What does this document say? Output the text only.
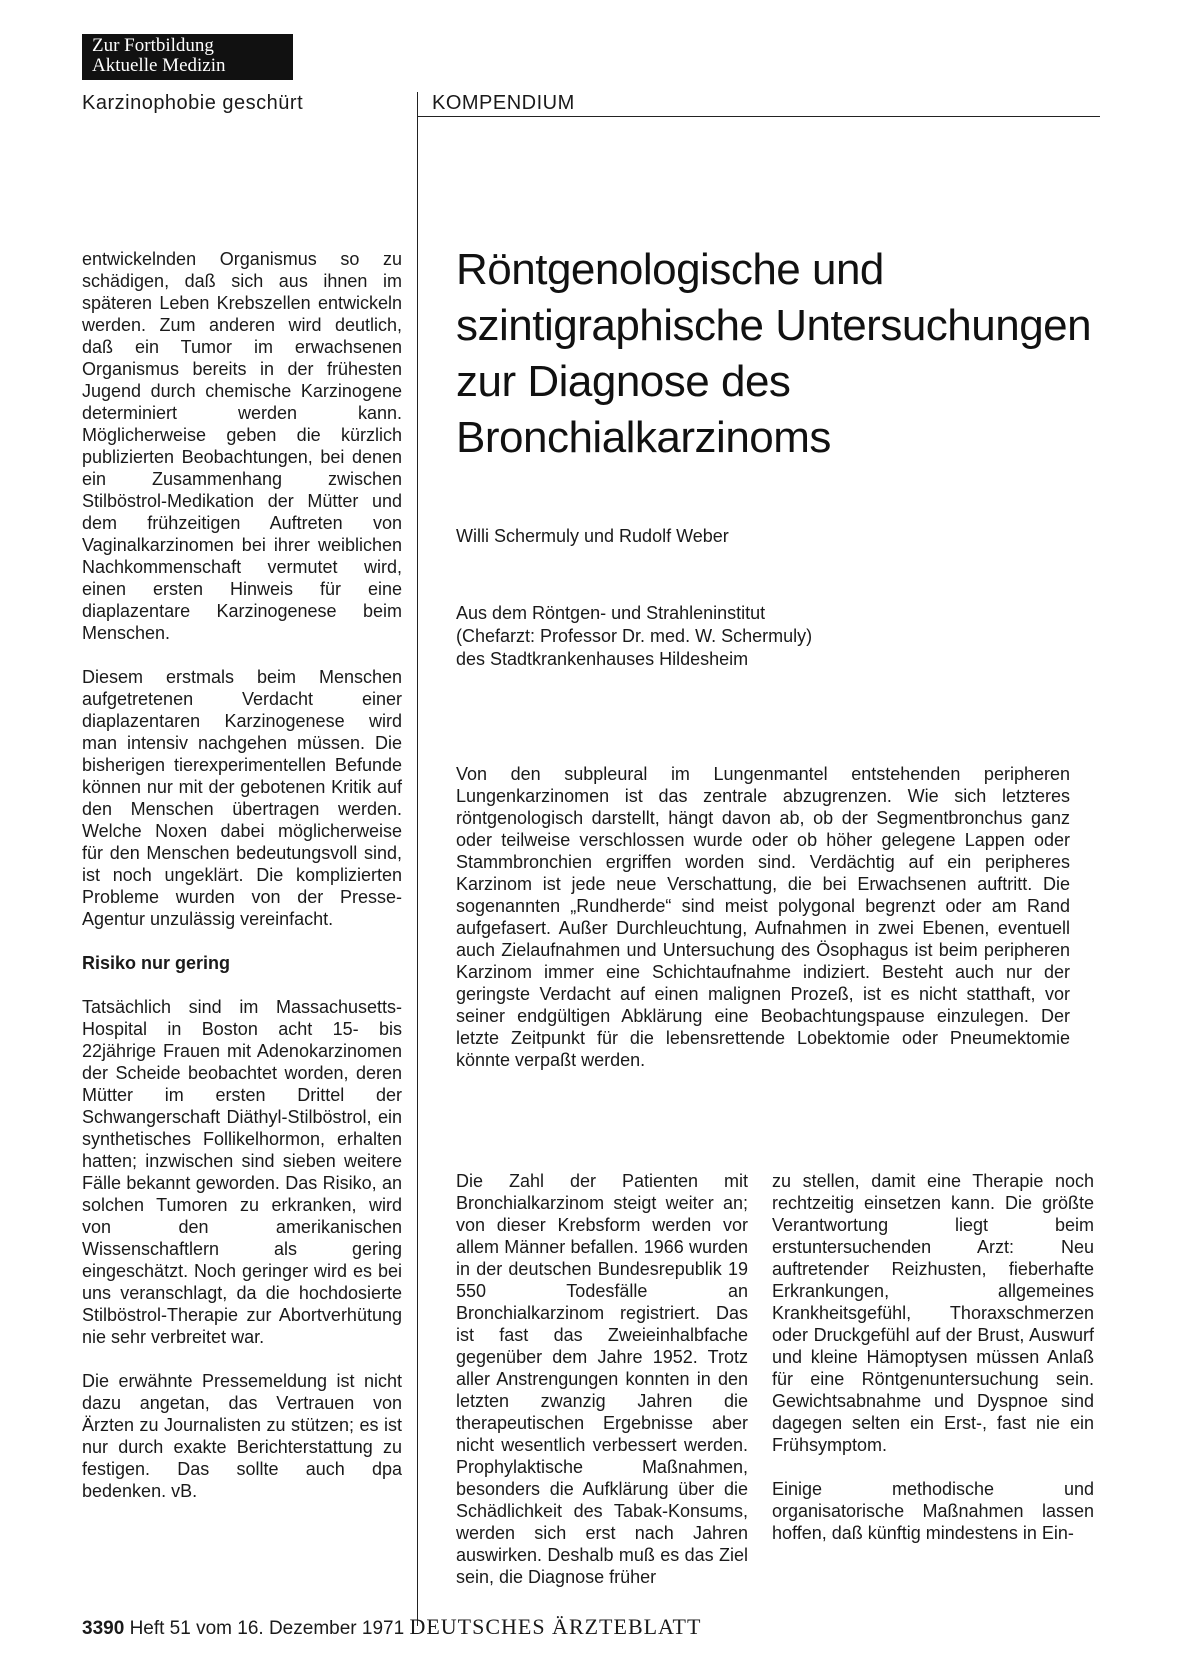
Zur Fortbildung
Aktuelle Medizin
Karzinophobie geschürt	KOMPENDIUM
Röntgenologische und szintigraphische Untersuchungen zur Diagnose des Bronchialkarzinoms
Willi Schermuly und Rudolf Weber
Aus dem Röntgen- und Strahleninstitut
(Chefarzt: Professor Dr. med. W. Schermuly)
des Stadtkrankenhauses Hildesheim

entwickelnden Organismus so zu schädigen, daß sich aus ihnen im späteren Leben Krebszellen entwickeln werden. Zum anderen wird deutlich, daß ein Tumor im erwachsenen Organismus bereits in der frühesten Jugend durch chemische Karzinogene determiniert werden kann. Möglicherweise geben die kürzlich publizierten Beobachtungen, bei denen ein Zusammenhang zwischen Stilböstrol-Medikation der Mütter und dem frühzeitigen Auftreten von Vaginalkarzinomen bei ihrer weiblichen Nachkommenschaft vermutet wird, einen ersten Hinweis für eine diaplazentare Karzinogenese beim Menschen.

Diesem erstmals beim Menschen aufgetretenen Verdacht einer diaplazentaren Karzinogenese wird man intensiv nachgehen müssen. Die bisherigen tierexperimentellen Befunde können nur mit der gebotenen Kritik auf den Menschen übertragen werden. Welche Noxen dabei möglicherweise für den Menschen bedeutungsvoll sind, ist noch ungeklärt. Die komplizierten Probleme wurden von der Presse-Agentur unzulässig vereinfacht.

Risiko nur gering

Tatsächlich sind im Massachusetts-Hospital in Boston acht 15- bis 22jährige Frauen mit Adenokarzinomen der Scheide beobachtet worden, deren Mütter im ersten Drittel der Schwangerschaft Diäthyl-Stilböstrol, ein synthetisches Follikelhormon, erhalten hatten; inzwischen sind sieben weitere Fälle bekannt geworden. Das Risiko, an solchen Tumoren zu erkranken, wird von den amerikanischen Wissenschaftlern als gering eingeschätzt. Noch geringer wird es bei uns veranschlagt, da die hochdosierte Stilböstrol-Therapie zur Abortverhütung nie sehr verbreitet war.

Die erwähnte Pressemeldung ist nicht dazu angetan, das Vertrauen von Ärzten zu Journalisten zu stützen; es ist nur durch exakte Berichterstattung zu festigen. Das sollte auch dpa bedenken. vB.

Von den subpleural im Lungenmantel entstehenden peripheren Lungenkarzinomen ist das zentrale abzugrenzen. Wie sich letzteres röntgenologisch darstellt, hängt davon ab, ob der Segmentbronchus ganz oder teilweise verschlossen wurde oder ob höher gelegene Lappen oder Stammbronchien ergriffen worden sind. Verdächtig auf ein peripheres Karzinom ist jede neue Verschattung, die bei Erwachsenen auftritt. Die sogenannten „Rundherde“ sind meist polygonal begrenzt oder am Rand aufgefasert. Außer Durchleuchtung, Aufnahmen in zwei Ebenen, eventuell auch Zielaufnahmen und Untersuchung des Ösophagus ist beim peripheren Karzinom immer eine Schichtaufnahme indiziert. Besteht auch nur der geringste Verdacht auf einen malignen Prozeß, ist es nicht statthaft, vor seiner endgültigen Abklärung eine Beobachtungspause einzulegen. Der letzte Zeitpunkt für die lebensrettende Lobektomie oder Pneumektomie könnte verpaßt werden.

Die Zahl der Patienten mit Bronchialkarzinom steigt weiter an; von dieser Krebsform werden vor allem Männer befallen. 1966 wurden in der deutschen Bundesrepublik 19 550 Todesfälle an Bronchialkarzinom registriert. Das ist fast das Zweieinhalbfache gegenüber dem Jahre 1952. Trotz aller Anstrengungen konnten in den letzten zwanzig Jahren die therapeutischen Ergebnisse aber nicht wesentlich verbessert werden. Prophylaktische Maßnahmen, besonders die Aufklärung über die Schädlichkeit des Tabak-Konsums, werden sich erst nach Jahren auswirken. Deshalb muß es das Ziel sein, die Diagnose früher

zu stellen, damit eine Therapie noch rechtzeitig einsetzen kann. Die größte Verantwortung liegt beim erstuntersuchenden Arzt: Neu auftretender Reizhusten, fieberhafte Erkrankungen, allgemeines Krankheitsgefühl, Thoraxschmerzen oder Druckgefühl auf der Brust, Auswurf und kleine Hämoptysen müssen Anlaß für eine Röntgenuntersuchung sein. Gewichtsabnahme und Dyspnoe sind dagegen selten ein Erst-, fast nie ein Frühsymptom.

Einige methodische und organisatorische Maßnahmen lassen hoffen, daß künftig mindestens in Ein-

3390 Heft 51 vom 16. Dezember 1971 DEUTSCHES ÄRZTEBLATT
